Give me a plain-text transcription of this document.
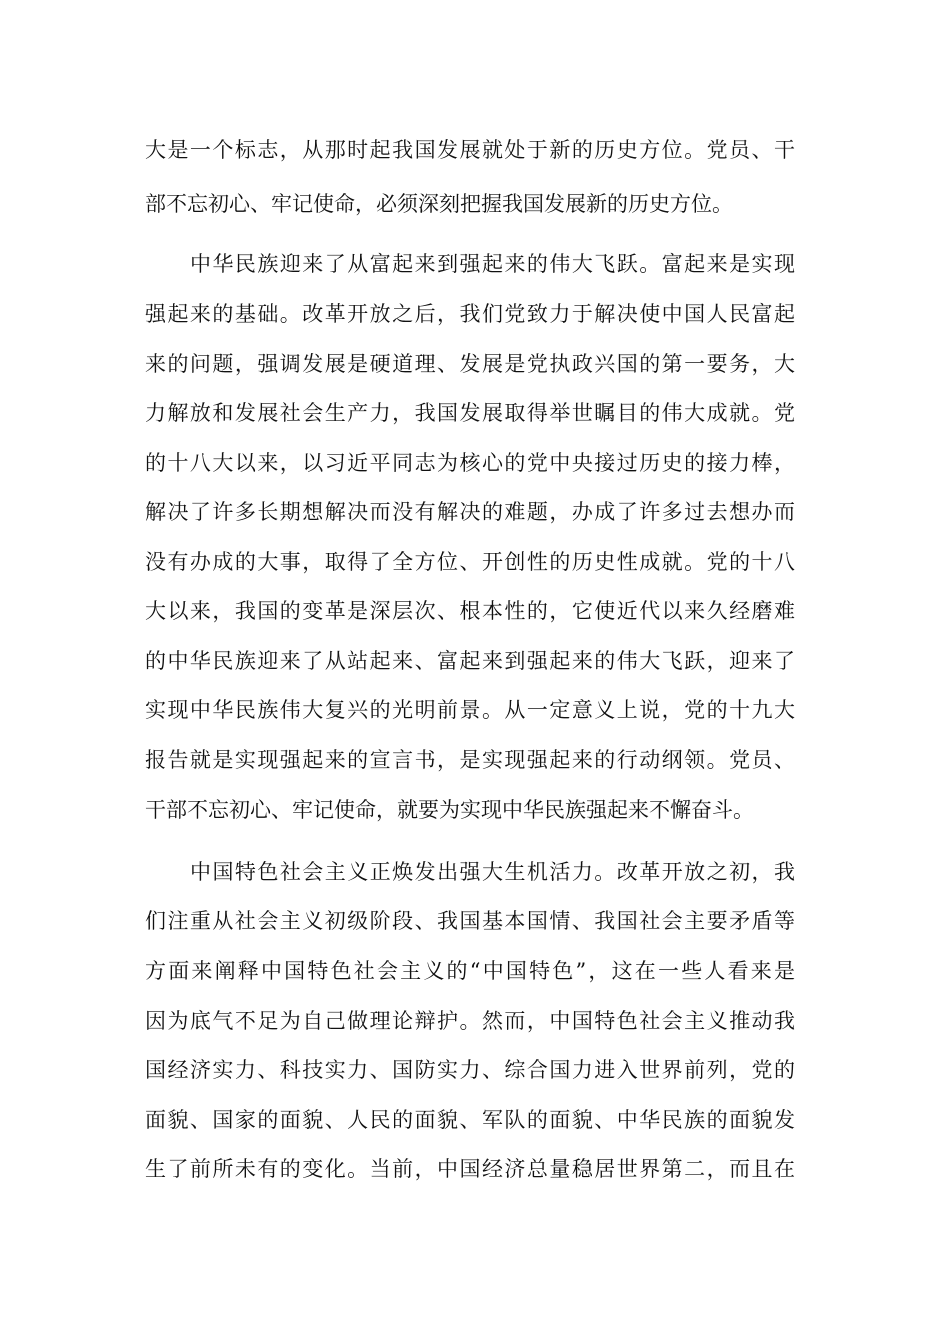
大是一个标志，从那时起我国发展就处于新的历史方位。党员、干
部不忘初心、牢记使命，必须深刻把握我国发展新的历史方位。
中华民族迎来了从富起来到强起来的伟大飞跃。富起来是实现
强起来的基础。改革开放之后，我们党致力于解决使中国人民富起
来的问题，强调发展是硬道理、发展是党执政兴国的第一要务，大
力解放和发展社会生产力，我国发展取得举世瞩目的伟大成就。党
的十八大以来，以习近平同志为核心的党中央接过历史的接力棒，
解决了许多长期想解决而没有解决的难题，办成了许多过去想办而
没有办成的大事，取得了全方位、开创性的历史性成就。党的十八
大以来，我国的变革是深层次、根本性的，它使近代以来久经磨难
的中华民族迎来了从站起来、富起来到强起来的伟大飞跃，迎来了
实现中华民族伟大复兴的光明前景。从一定意义上说，党的十九大
报告就是实现强起来的宣言书，是实现强起来的行动纲领。党员、
干部不忘初心、牢记使命，就要为实现中华民族强起来不懈奋斗。
中国特色社会主义正焕发出强大生机活力。改革开放之初，我
们注重从社会主义初级阶段、我国基本国情、我国社会主要矛盾等
方面来阐释中国特色社会主义的“中国特色”，这在一些人看来是
因为底气不足为自己做理论辩护。然而，中国特色社会主义推动我
国经济实力、科技实力、国防实力、综合国力进入世界前列，党的
面貌、国家的面貌、人民的面貌、军队的面貌、中华民族的面貌发
生了前所未有的变化。当前，中国经济总量稳居世界第二，而且在
